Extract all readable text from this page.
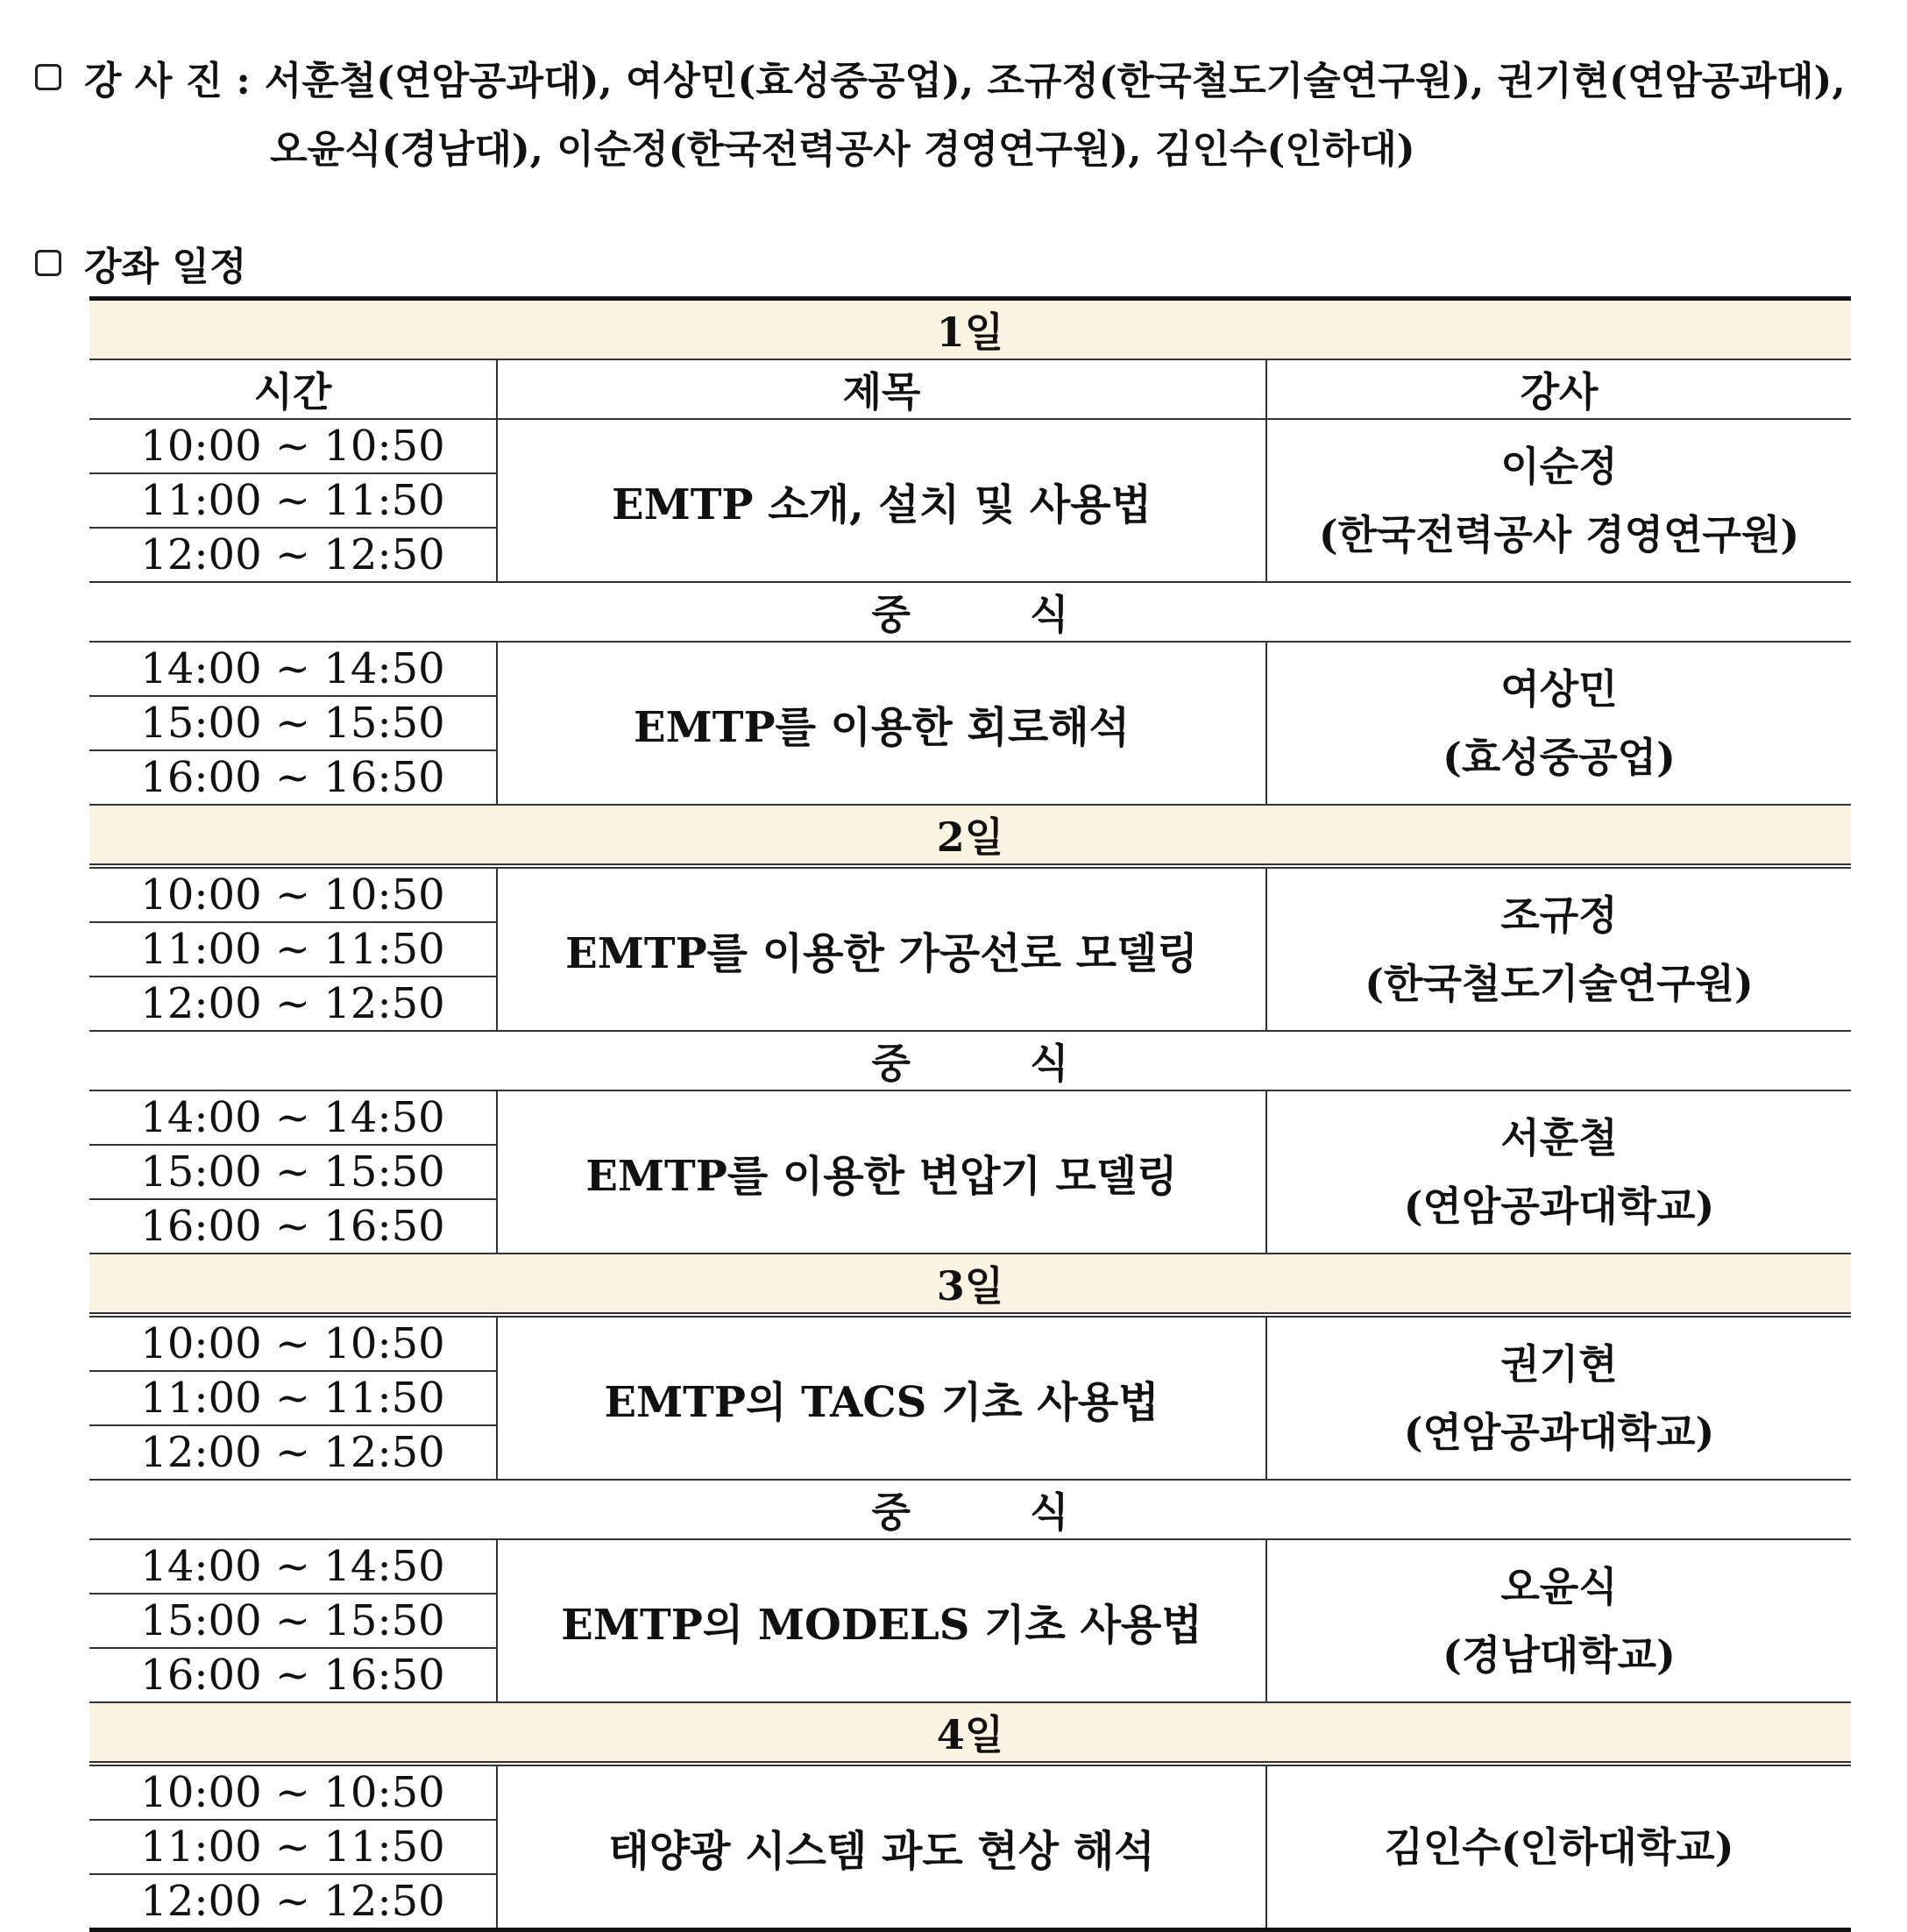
강 사 진 : 서훈철(연암공과대), 여상민(효성중공업), 조규정(한국철도기술연구원), 권기현(연암공과대),
오윤식(경남대), 이순정(한국전력공사 경영연구원), 김인수(인하대)
강좌 일정
1일		
시간	제목	강사
10:00 ~ 10:50	EMTP 소개, 설치 및 사용법	이순정
(한국전력공사 경영연구원)

11:00 ~ 11:50		
12:00 ~ 12:50		
중 식		
14:00 ~ 14:50	EMTP를 이용한 회로해석	여상민
(효성중공업)

15:00 ~ 15:50		
16:00 ~ 16:50		
2일		
10:00 ~ 10:50	EMTP를 이용한 가공선로 모델링	조규정
(한국철도기술연구원)

11:00 ~ 11:50		
12:00 ~ 12:50		
중 식		
14:00 ~ 14:50	EMTP를 이용한 변압기 모델링	서훈철
(연암공과대학교)

15:00 ~ 15:50		
16:00 ~ 16:50		
3일		
10:00 ~ 10:50	EMTP의 TACS 기초 사용법	권기현
(연암공과대학교)

11:00 ~ 11:50		
12:00 ~ 12:50		
중 식		
14:00 ~ 14:50	EMTP의 MODELS 기초 사용법	오윤식
(경남대학교)

15:00 ~ 15:50		
16:00 ~ 16:50		
4일		
10:00 ~ 10:50	태양광 시스템 과도 현상 해석	김인수(인하대학교)

11:00 ~ 11:50		
12:00 ~ 12:50		
